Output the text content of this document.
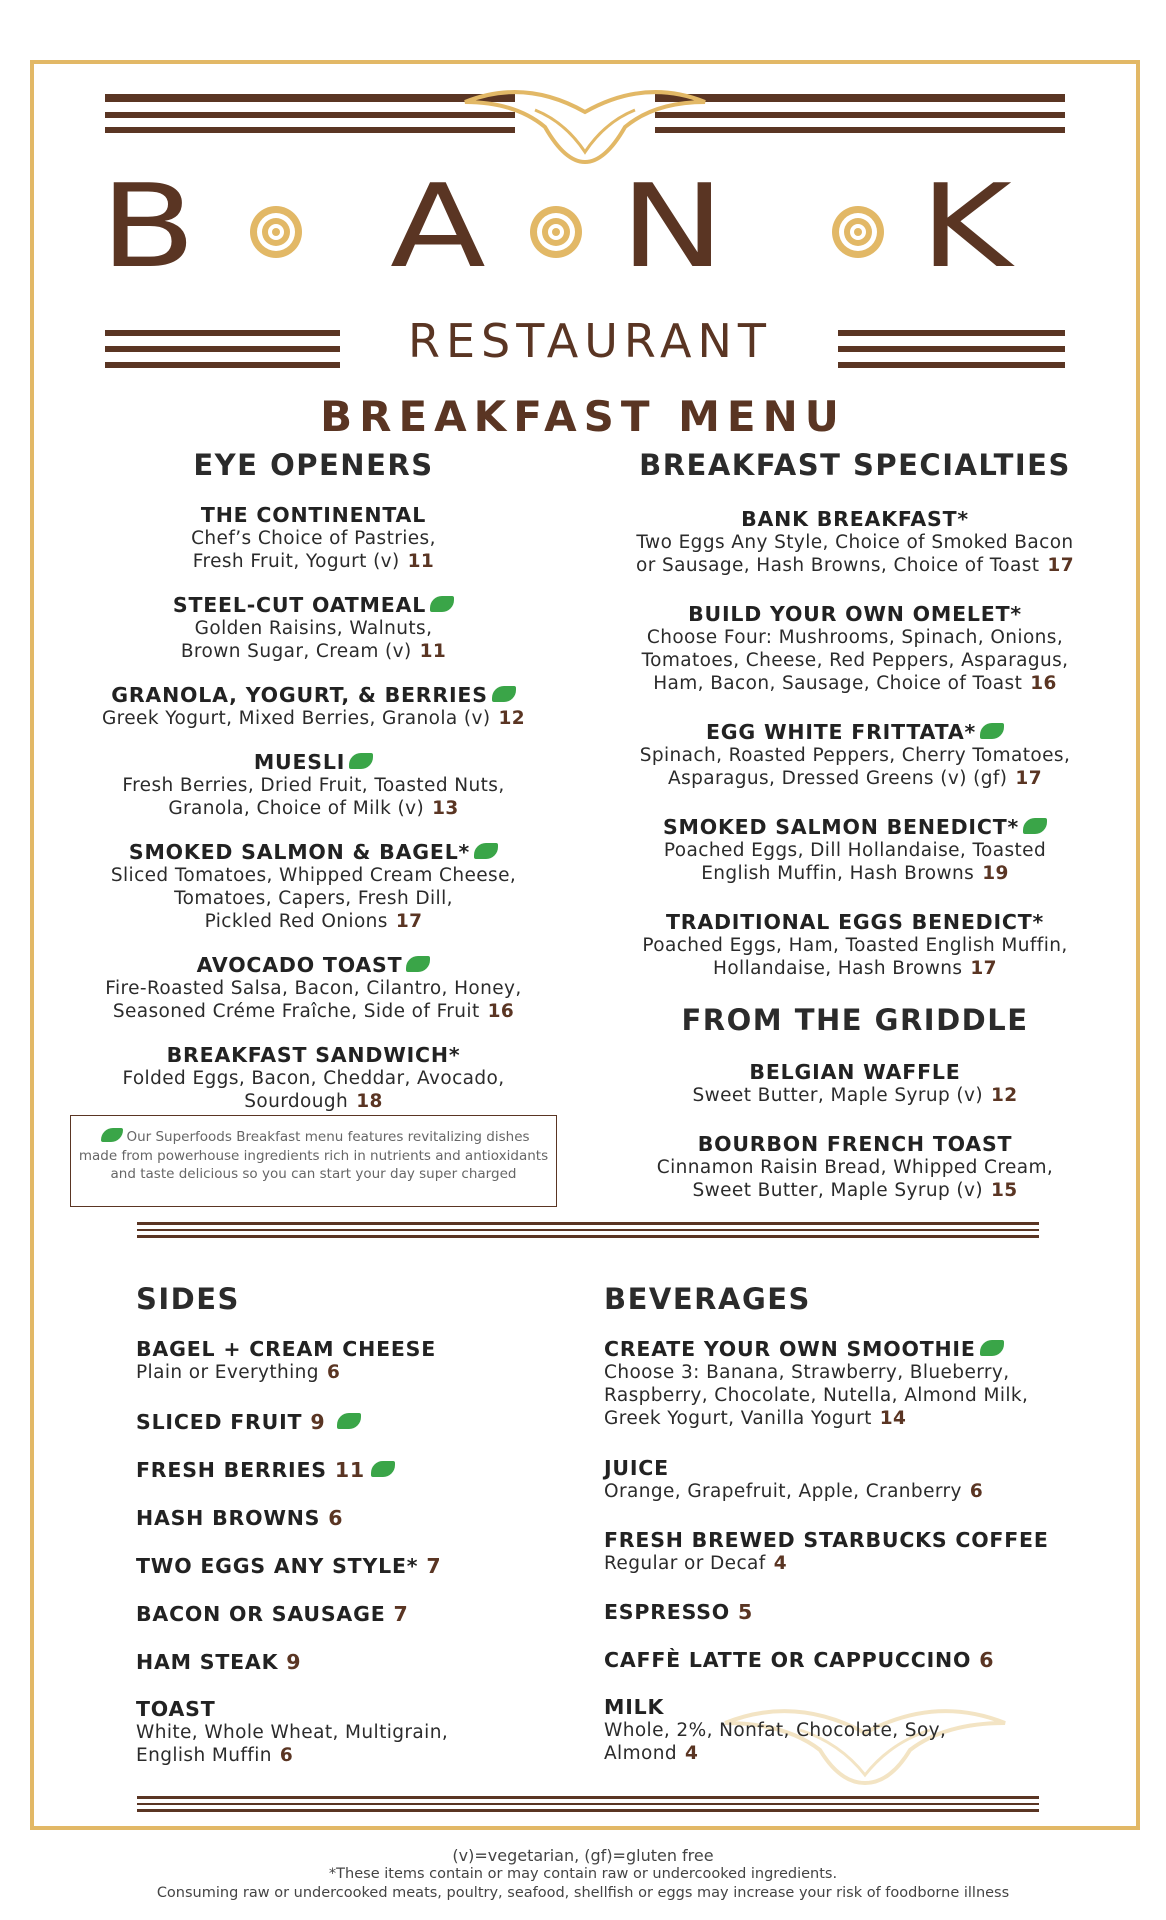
B A N K
RESTAURANT
BREAKFAST MENU
EYE OPENERS
THE CONTINENTAL
Chef’s Choice of Pastries,
Fresh Fruit, Yogurt (v) 11
STEEL-CUT OATMEAL
Golden Raisins, Walnuts,
Brown Sugar, Cream (v) 11
GRANOLA, YOGURT, & BERRIES
Greek Yogurt, Mixed Berries, Granola (v) 12
MUESLI
Fresh Berries, Dried Fruit, Toasted Nuts,
Granola, Choice of Milk (v) 13
SMOKED SALMON & BAGEL*
Sliced Tomatoes, Whipped Cream Cheese,
Tomatoes, Capers, Fresh Dill,
Pickled Red Onions 17
AVOCADO TOAST
Fire-Roasted Salsa, Bacon, Cilantro, Honey,
Seasoned Créme Fraîche, Side of Fruit 16
BREAKFAST SANDWICH*
Folded Eggs, Bacon, Cheddar, Avocado,
Sourdough 18
Our Superfoods Breakfast menu features revitalizing dishes
made from powerhouse ingredients rich in nutrients and antioxidants
and taste delicious so you can start your day super charged
BREAKFAST SPECIALTIES
BANK BREAKFAST*
Two Eggs Any Style, Choice of Smoked Bacon
or Sausage, Hash Browns, Choice of Toast 17
BUILD YOUR OWN OMELET*
Choose Four: Mushrooms, Spinach, Onions,
Tomatoes, Cheese, Red Peppers, Asparagus,
Ham, Bacon, Sausage, Choice of Toast 16
EGG WHITE FRITTATA*
Spinach, Roasted Peppers, Cherry Tomatoes,
Asparagus, Dressed Greens (v) (gf) 17
SMOKED SALMON BENEDICT*
Poached Eggs, Dill Hollandaise, Toasted
English Muffin, Hash Browns 19
TRADITIONAL EGGS BENEDICT*
Poached Eggs, Ham, Toasted English Muffin,
Hollandaise, Hash Browns 17
FROM THE GRIDDLE
BELGIAN WAFFLE
Sweet Butter, Maple Syrup (v) 12
BOURBON FRENCH TOAST
Cinnamon Raisin Bread, Whipped Cream,
Sweet Butter, Maple Syrup (v) 15
SIDES
BAGEL + CREAM CHEESE
Plain or Everything 6
SLICED FRUIT 9
FRESH BERRIES 11
HASH BROWNS 6
TWO EGGS ANY STYLE* 7
BACON OR SAUSAGE 7
HAM STEAK 9
TOAST
White, Whole Wheat, Multigrain,
English Muffin 6
BEVERAGES
CREATE YOUR OWN SMOOTHIE
Choose 3: Banana, Strawberry, Blueberry,
Raspberry, Chocolate, Nutella, Almond Milk,
Greek Yogurt, Vanilla Yogurt 14
JUICE
Orange, Grapefruit, Apple, Cranberry 6
FRESH BREWED STARBUCKS COFFEE
Regular or Decaf 4
ESPRESSO 5
CAFFÈ LATTE OR CAPPUCCINO 6
MILK
Whole, 2%, Nonfat, Chocolate, Soy,
Almond 4
(v)=vegetarian, (gf)=gluten free
*These items contain or may contain raw or undercooked ingredients.
Consuming raw or undercooked meats, poultry, seafood, shellfish or eggs may increase your risk of foodborne illness
